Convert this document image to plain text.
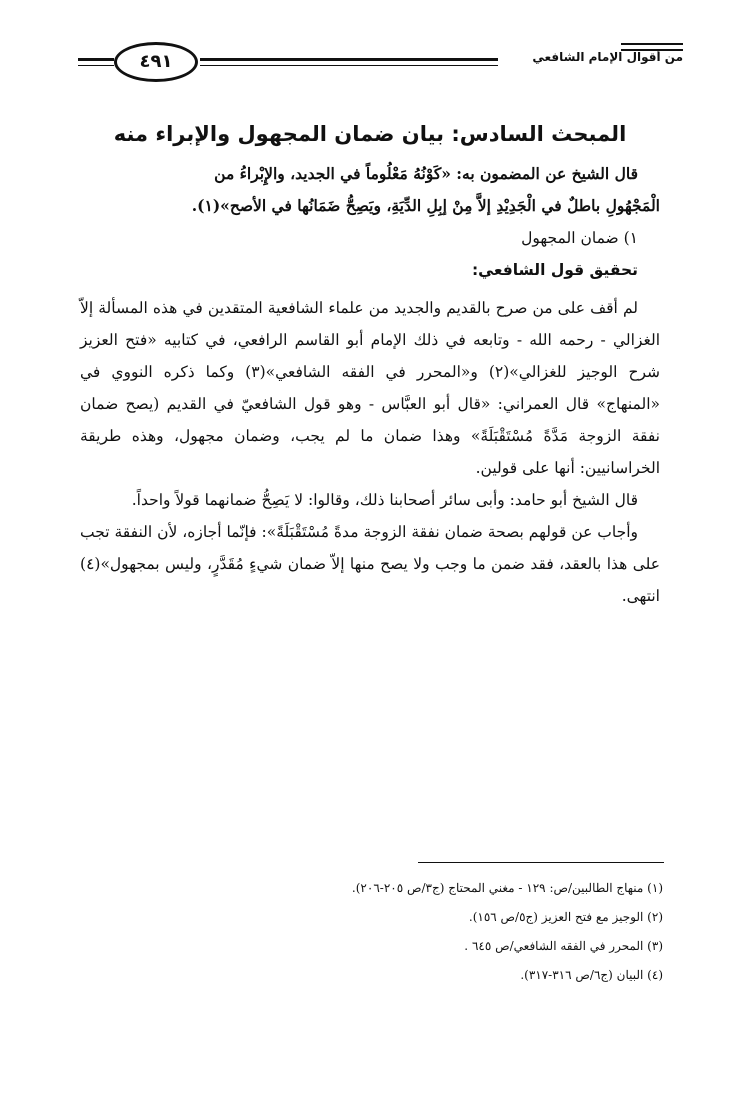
من أقوال الإمام الشافعي
٤٩١
المبحث السادس: بيان ضمان المجهول والإبراء منه

قال الشيخ عن المضمون به: «كَوْنُهُ مَعْلُوماً في الجديد، والإِبْراءُ من

الْمَجْهُولِ باطلٌ في الْجَدِيْدِ إلاَّ مِنْ إبِلِ الدِّيَةِ، ويَصِحُّ ضَمَانُها في الأصح»(١).

١) ضمان المجهول

تحقيق قول الشافعي:

لم أقف على من صرح بالقديم والجديد من علماء الشافعية المتقدين في هذه المسألة إلاّ الغزالي - رحمه الله - وتابعه في ذلك الإمام أبو القاسم الرافعي، في كتابيه «فتح العزيز شرح الوجيز للغزالي»(٢) و«المحرر في الفقه الشافعي»(٣) وكما ذكره النووي في «المنهاج» قال العمراني: «قال أبو العبَّاس - وهو قول الشافعيّ في القديم (يصح ضمان نفقة الزوجة مَدَّةً مُسْتَقْبَلَةً» وهذا ضمان ما لم يجب، وضمان مجهول، وهذه طريقة الخراسانيين: أنها على قولين.

قال الشيخ أبو حامد: وأبى سائر أصحابنا ذلك، وقالوا: لا يَصِحُّ ضمانهما قولاً واحداً.

وأجاب عن قولهم بصحة ضمان نفقة الزوجة مدةً مُسْتَقْبَلَةً»: فإنّما أجازه، لأن النفقة تجب على هذا بالعقد، فقد ضمن ما وجب ولا يصح منها إلاّ ضمان شيءٍ مُقَدَّرٍ، وليس بمجهول»(٤) انتهى.

(١) منهاج الطالبين/ص: ١٢٩ - مغني المحتاج (ج٣/ص ٢٠٥-٢٠٦).
(٢) الوجيز مع فتح العزيز (ج٥/ص ١٥٦).
(٣) المحرر في الفقه الشافعي/ص ٦٤٥ .
(٤) البيان (ج٦/ص ٣١٦-٣١٧).
